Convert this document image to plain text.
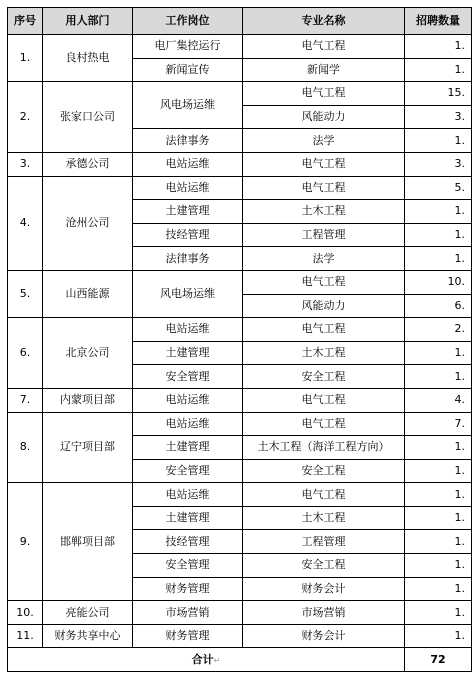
序号	用人部门	工作岗位	专业名称	招聘数量
1.	良村热电	电厂集控运行	电气工程	1.
		新闻宣传	新闻学	1.
2.	张家口公司	风电场运维	电气工程	15.
			风能动力	3.
		法律事务	法学	1.
3.	承德公司	电站运维	电气工程	3.
4.	沧州公司	电站运维	电气工程	5.
		土建管理	土木工程	1.
		技经管理	工程管理	1.
		法律事务	法学	1.
5.	山西能源	风电场运维	电气工程	10.
			风能动力	6.
6.	北京公司	电站运维	电气工程	2.
		土建管理	土木工程	1.
		安全管理	安全工程	1.
7.	内蒙项目部	电站运维	电气工程	4.
8.	辽宁项目部	电站运维	电气工程	7.
		土建管理	土木工程（海洋工程方向）	1.
		安全管理	安全工程	1.
9.	邯郸项目部	电站运维	电气工程	1.
		土建管理	土木工程	1.
		技经管理	工程管理	1.
		安全管理	安全工程	1.
		财务管理	财务会计	1.
10.	亮能公司	市场营销	市场营销	1.
11.	财务共享中心	财务管理	财务会计	1.
合计↵				72
